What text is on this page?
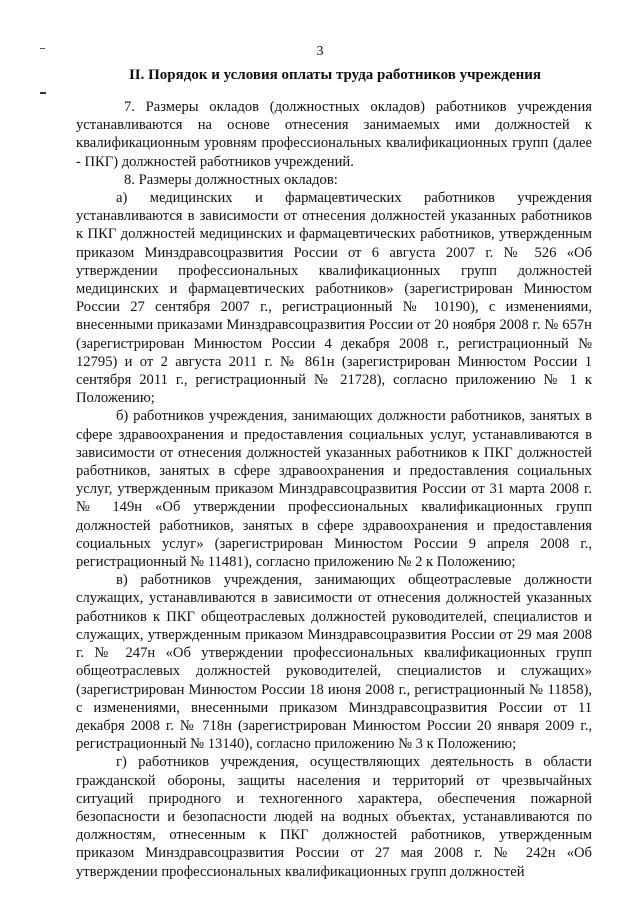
3
II. Порядок и условия оплаты труда работников учреждения

7. Размеры окладов (должностных окладов) работников учреждения устанавливаются на основе отнесения занимаемых ими должностей к квалификационным уровням профессиональных квалификационных групп (далее - ПКГ) должностей работников учреждений.

8. Размеры должностных окладов:

а) медицинских и фармацевтических работников учреждения устанавливаются в зависимости от отнесения должностей указанных работников к ПКГ должностей медицинских и фармацевтических работников, утвержденным приказом Минздравсоцразвития России от 6 августа 2007 г. № 526 «Об утверждении профессиональных квалификационных групп должностей медицинских и фармацевтических работников» (зарегистрирован Минюстом России 27 сентября 2007 г., регистрационный № 10190), с изменениями, внесенными приказами Минздравсоцразвития России от 20 ноября 2008 г. № 657н (зарегистрирован Минюстом России 4 декабря 2008 г., регистрационный № 12795) и от 2 августа 2011 г. № 861н (зарегистрирован Минюстом России 1 сентября 2011 г., регистрационный № 21728), согласно приложению № 1 к Положению;

б) работников учреждения, занимающих должности работников, занятых в сфере здравоохранения и предоставления социальных услуг, устанавливаются в зависимости от отнесения должностей указанных работников к ПКГ должностей работников, занятых в сфере здравоохранения и предоставления социальных услуг, утвержденным приказом Минздравсоцразвития России от 31 марта 2008 г. № 149н «Об утверждении профессиональных квалификационных групп должностей работников, занятых в сфере здравоохранения и предоставления социальных услуг» (зарегистрирован Минюстом России 9 апреля 2008 г., регистрационный № 11481), согласно приложению № 2 к Положению;

в) работников учреждения, занимающих общеотраслевые должности служащих, устанавливаются в зависимости от отнесения должностей указанных работников к ПКГ общеотраслевых должностей руководителей, специалистов и служащих, утвержденным приказом Минздравсоцразвития России от 29 мая 2008 г. № 247н «Об утверждении профессиональных квалификационных групп общеотраслевых должностей руководителей, специалистов и служащих» (зарегистрирован Минюстом России 18 июня 2008 г., регистрационный № 11858), с изменениями, внесенными приказом Минздравсоцразвития России от 11 декабря 2008 г. № 718н (зарегистрирован Минюстом России 20 января 2009 г., регистрационный № 13140), согласно приложению № 3 к Положению;

г) работников учреждения, осуществляющих деятельность в области гражданской обороны, защиты населения и территорий от чрезвычайных ситуаций природного и техногенного характера, обеспечения пожарной безопасности и безопасности людей на водных объектах, устанавливаются по должностям, отнесенным к ПКГ должностей работников, утвержденным приказом Минздравсоцразвития России от 27 мая 2008 г. № 242н «Об утверждении профессиональных квалификационных групп должностей
